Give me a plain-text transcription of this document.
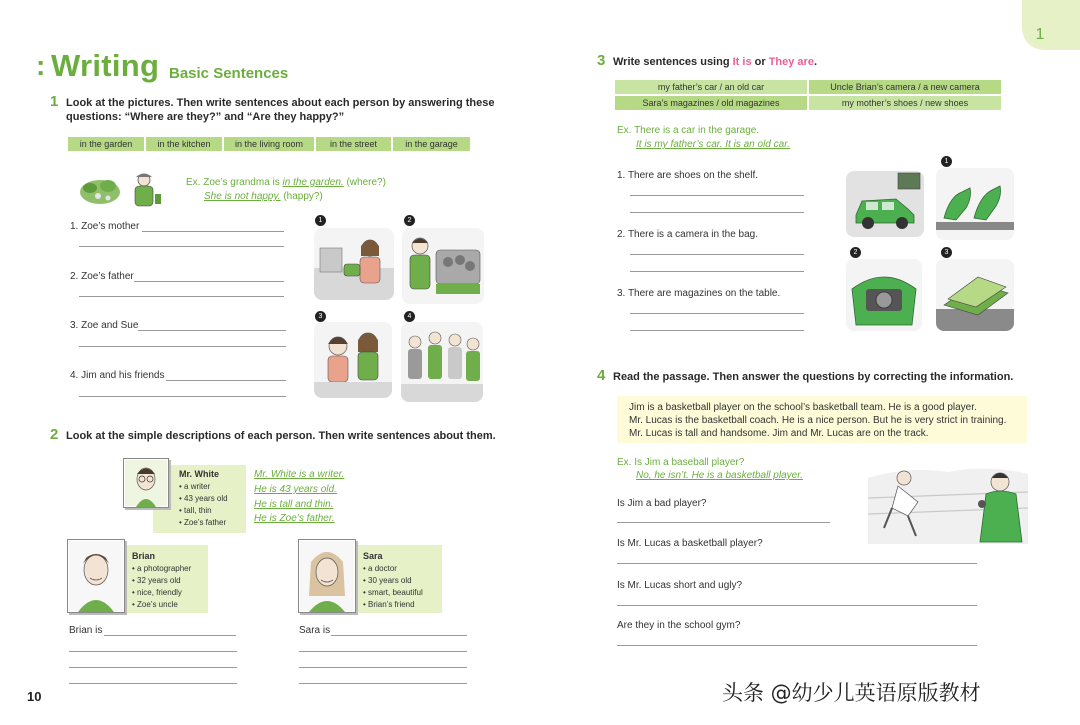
1
: Writing Basic Sentences
1 Look at the pictures. Then write sentences about each person by answering these
questions: “Where are they?” and “Are they happy?”
in the garden	in the kitchen	in the living room	in the street	in the garage
Ex. Zoe’s grandma is in the garden. (where?)
She is not happy. (happy?)
1. Zoe’s mother
2. Zoe’s father
3. Zoe and Sue
4. Jim and his friends
1	2
3	4
2 Look at the simple descriptions of each person. Then write sentences about them.
Mr. White
• a writer
• 43 years old
• tall, thin
• Zoe’s father
Mr. White is a writer.
He is 43 years old.
He is tall and thin.
He is Zoe’s father.
Brian
• a photographer
• 32 years old
• nice, friendly
• Zoe’s uncle
Brian is
Sara
• a doctor
• 30 years old
• smart, beautiful
• Brian’s friend
Sara is
10
3 Write sentences using It is or They are.
my father’s car / an old car	Uncle Brian’s camera / a new camera
Sara’s magazines / old magazines	my mother’s shoes / new shoes
Ex. There is a car in the garage.
It is my father’s car. It is an old car.
1. There are shoes on the shelf.
2. There is a camera in the bag.
3. There are magazines on the table.
1
2	3
4 Read the passage. Then answer the questions by correcting the information.
Jim is a basketball player on the school’s basketball team. He is a good player.
Mr. Lucas is the basketball coach. He is a nice person. But he is very strict in training.
Mr. Lucas is tall and handsome. Jim and Mr. Lucas are on the track.
Ex. Is Jim a baseball player?
No, he isn’t. He is a basketball player.
Is Jim a bad player?
Is Mr. Lucas a basketball player?
Is Mr. Lucas short and ugly?
Are they in the school gym?
头条 @幼少儿英语原版教材
